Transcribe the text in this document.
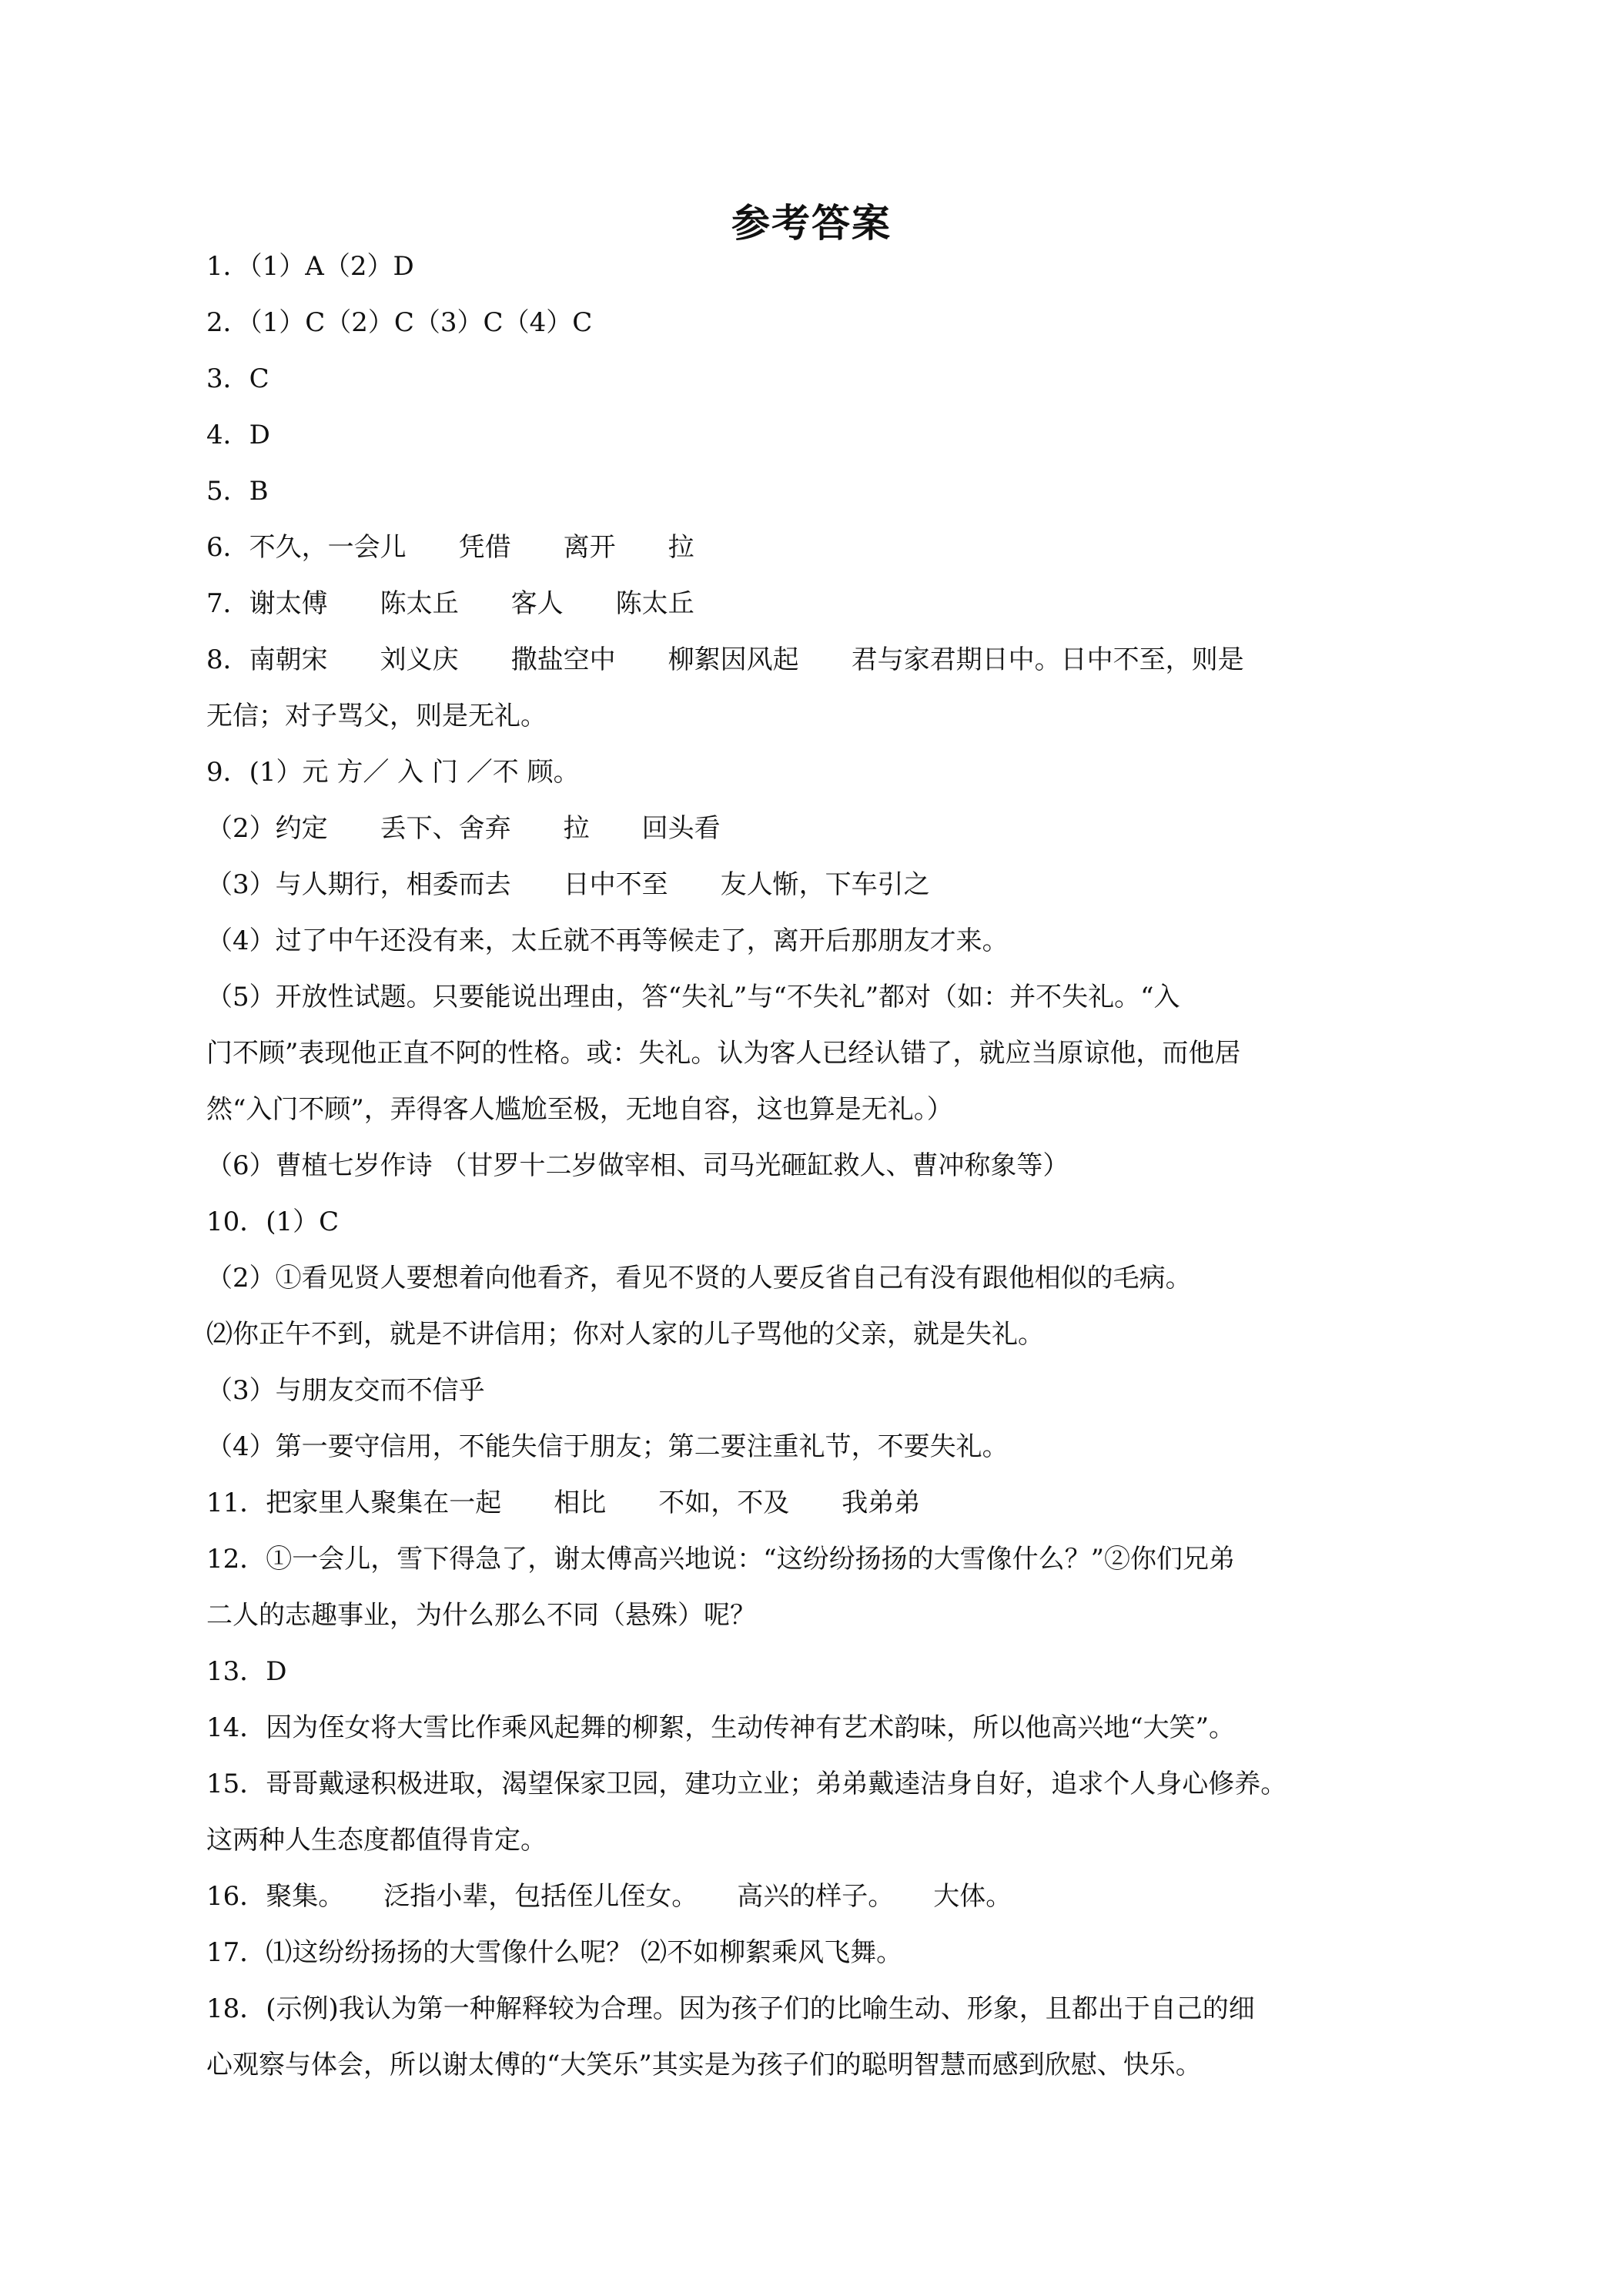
参考答案
1．（1）A（2）D
2．（1）C（2）C（3）C（4）C
3．C
4．D
5．B
6．不久，一会儿　　凭借　　离开　　拉
7．谢太傅　　陈太丘　　客人　　陈太丘
8．南朝宋　　刘义庆　　撒盐空中　　柳絮因风起　　君与家君期日中。日中不至，则是
无信；对子骂父，则是无礼。
9．(1）元 方／ 入 门 ／不 顾。
（2）约定　　丢下、舍弃　　拉　　回头看
（3）与人期行，相委而去　　日中不至　　友人惭，下车引之
（4）过了中午还没有来，太丘就不再等候走了，离开后那朋友才来。
（5）开放性试题。只要能说出理由，答“失礼”与“不失礼”都对（如：并不失礼。“入
门不顾”表现他正直不阿的性格。或：失礼。认为客人已经认错了，就应当原谅他，而他居
然“入门不顾”，弄得客人尴尬至极，无地自容，这也算是无礼。）
（6）曹植七岁作诗 （甘罗十二岁做宰相、司马光砸缸救人、曹冲称象等）
10．(1）C
（2）①看见贤人要想着向他看齐，看见不贤的人要反省自己有没有跟他相似的毛病。
⑵你正午不到，就是不讲信用；你对人家的儿子骂他的父亲，就是失礼。
（3）与朋友交而不信乎
（4）第一要守信用，不能失信于朋友；第二要注重礼节，不要失礼。
11．把家里人聚集在一起　　相比　　不如，不及　　我弟弟
12．①一会儿，雪下得急了，谢太傅高兴地说：“这纷纷扬扬的大雪像什么？”②你们兄弟
二人的志趣事业，为什么那么不同（悬殊）呢？
13．D
14．因为侄女将大雪比作乘风起舞的柳絮，生动传神有艺术韵味，所以他高兴地“大笑”。
15．哥哥戴逯积极进取，渴望保家卫园，建功立业；弟弟戴逵洁身自好，追求个人身心修养。
这两种人生态度都值得肯定。
16．聚集。　　泛指小辈，包括侄儿侄女。　　高兴的样子。　　大体。
17．⑴这纷纷扬扬的大雪像什么呢？ ⑵不如柳絮乘风飞舞。
18．(示例)我认为第一种解释较为合理。因为孩子们的比喻生动、形象，且都出于自己的细
心观察与体会，所以谢太傅的“大笑乐”其实是为孩子们的聪明智慧而感到欣慰、快乐。
